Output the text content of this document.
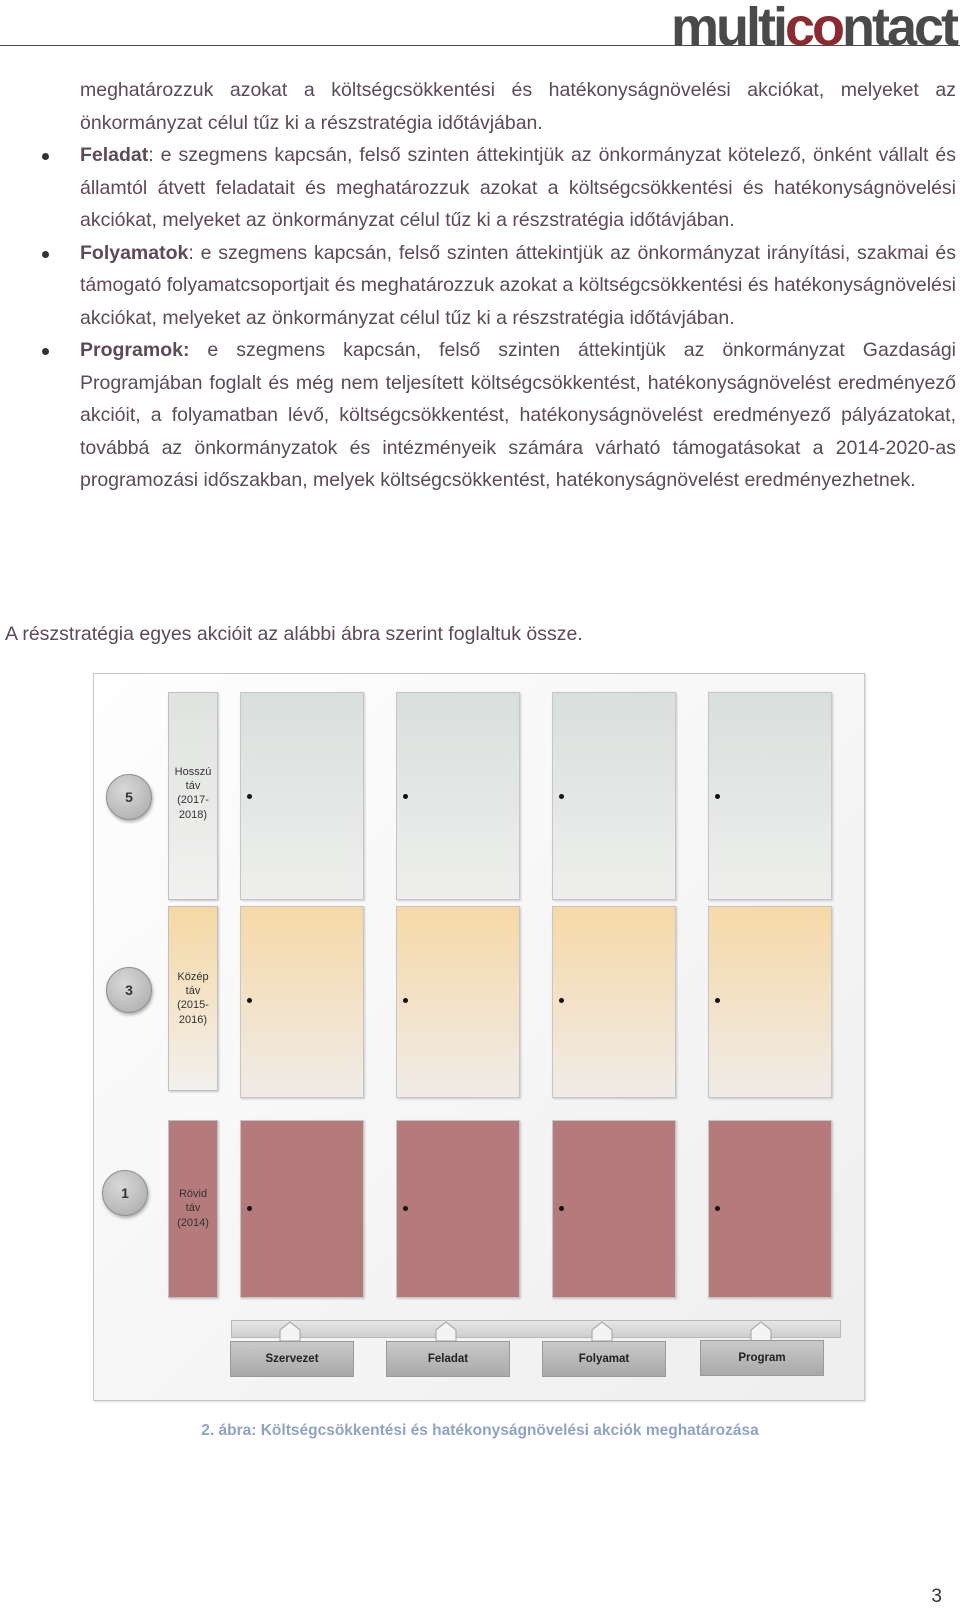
multicontact

meghatározzuk azokat a költségcsökkentési és hatékonyságnövelési akciókat, melyeket az önkormányzat célul tűz ki a részstratégia időtávjában.

Feladat: e szegmens kapcsán, felső szinten áttekintjük az önkormányzat kötelező, önként vállalt és államtól átvett feladatait és meghatározzuk azokat a költségcsökkentési és hatékonyságnövelési akciókat, melyeket az önkormányzat célul tűz ki a részstratégia időtávjában.

Folyamatok: e szegmens kapcsán, felső szinten áttekintjük az önkormányzat irányítási, szakmai és támogató folyamatcsoportjait és meghatározzuk azokat a költségcsökkentési és hatékonyságnövelési akciókat, melyeket az önkormányzat célul tűz ki a részstratégia időtávjában.

Programok: e szegmens kapcsán, felső szinten áttekintjük az önkormányzat Gazdasági Programjában foglalt és még nem teljesített költségcsökkentést, hatékonyságnövelést eredményező akcióit, a folyamatban lévő, költségcsökkentést, hatékonyságnövelést eredményező pályázatokat, továbbá az önkormányzatok és intézményeik számára várható támogatásokat a 2014-2020-as programozási időszakban, melyek költségcsökkentést, hatékonyságnövelést eredményezhetnek.

A részstratégia egyes akcióit az alábbi ábra szerint foglaltuk össze.
5
Hosszú
táv
(2017-
2018)
3
Közép
táv
(2015-
2016)
1	Rövid
táv
(2014)
Szervezet	Feladat	Folyamat	Program
2. ábra: Költségcsökkentési és hatékonyságnövelési akciók meghatározása
3
